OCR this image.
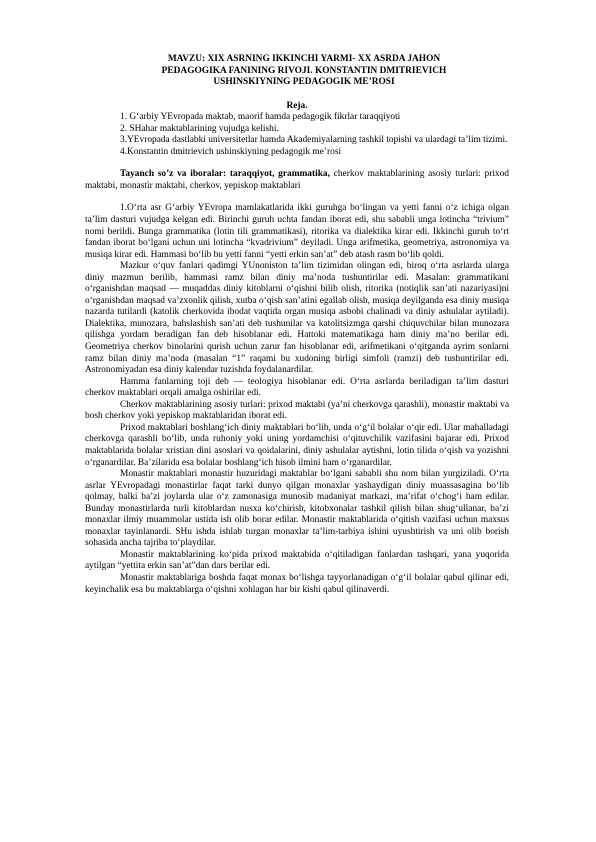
MAVZU: XIX ASRNING IKKINCHI YARMI- XX ASRDA JAHON
PEDAGOGIKA FANINING RIVOJI. KONSTANTIN DMITRIEVICH
USHINSKIYNING PEDAGOGIK ME’ROSI

Reja.

1. G‘arbiy YEvropada maktab, maorif hamda pedagogik fikrlar taraqqiyoti

2. SHahar maktablarining vujudga kelishi.

3.YEvropada dastlabki universitetlar hamda Akademiyalarning tashkil topishi va ulardagi ta’lim tizimi.

4.Konstantin dmitrievich ushinskiyning pedagogik me’rosi

Tayanch so’z va iboralar: taraqqiyot, grammatika, cherkov maktablarining asosiy turlari: prixod maktabi, monastir maktabi, cherkov, yepiskop maktablari

1.O‘rta asr G‘arbiy YEvropa mamlakatlarida ikki guruhga bo‘lingan va yetti fanni o‘z ichiga olgan ta’lim dasturi vujudga kelgan edi. Birinchi guruh uchta fandan iborat edi, shu sababli unga lotincha “trivium” nomi berildi. Bunga grammatika (lotin tili grammatikasi), ritorika va dialektika kirar edi. Ikkinchi guruh to‘rt fandan iborat bo‘lgani uchun uni lotincha “kvadrivium” deyiladi. Unga arifmetika, geometriya, astronomiya va musiqa kirar edi. Hammasi bo‘lib bu yetti fanni “yetti erkin san’at” deb atash rasm bo‘lib qoldi.

Mazkur o‘quv fanlari qadimgi YUnoniston ta’lim tizimidan olingan edi, biroq o‘rta asrlarda ularga diniy mazmun berilib, hammasi ramz bilan diniy ma’noda tushuntirilar edi. Masalan: grammatikani o‘rganishdan maqsad — muqaddas diniy kitoblarni o‘qishni bilib olish, ritorika (notiqlik san’ati nazariyasi)ni o‘rganishdan maqsad va’zxonlik qilish, xutba o‘qish san’atini egallab olish, musiqa deyilganda esa diniy musiqa nazarda tutilardi (katolik cherkovida ibodat vaqtida organ musiqa asbobi chalinadi va diniy ashulalar aytiladi). Dialektika, munozara, bahslashish san’ati deb tushunilar va katolitsizmga qarshi chiquvchilar bilan munozara qilishga yordam beradigan fan deb hisoblanar edi. Hattoki matematikaga ham diniy ma’no berilar edi. Geometriya cherkov binolarini qurish uchun zarur fan hisoblanar edi, arifmetikani o‘qitganda ayrim sonlarni ramz bilan diniy ma’noda (masalan “1” raqami bu xudoning birligi simfoli (ramzi) deb tushuntirilar edi. Astronomiyadan esa diniy kalendar tuzishda foydalanardilar.

Hamma fanlarning toji deb — teologiya hisoblanar edi. O‘rta asrlarda beriladigan ta’lim dasturi cherkov maktablari orqali amalga oshirilar edi.

Cherkov maktablarining asosiy turlari: prixod maktabi (ya’ni cherkovga qarashli), monastir maktabi va bosh cherkov yoki yepiskop maktablaridan iborat edi.

Prixod maktablari boshlang‘ich diniy maktablari bo‘lib, unda o‘g‘il bolalar o‘qir edi. Ular mahalladagi cherkovga qarashli bo‘lib, unda ruhoniy yoki uning yordamchisi o‘qituvchilik vazifasini bajarar edi. Prixod maktablarida bolalar xristian dini asoslari va qoidalarini, diniy ashulalar aytishni, lotin tilida o‘qish va yozishni o‘rganardilar. Ba’zilarida esa bolalar boshlang‘ich hisob ilmini ham o‘rganardilar.

Monastir maktablari monastir huzuridagi maktablar bo‘lgani sababli shu nom bilan yurgiziladi. O‘rta asrlar YEvropadagi monastirlar faqat tarki dunyo qilgan monaxlar yashaydigan diniy muassasagina bo‘lib qolmay, balki ba’zi joylarda ular o‘z zamonasiga munosib madaniyat markazi, ma’rifat o‘chog‘i ham edilar. Bunday monastirlarda turli kitoblardan nusxa ko‘chirish, kitobxonalar tashkil qilish bilan shug‘ullanar, ba’zi monaxlar ilmiy muammolar ustida ish olib borar edilar. Monastir maktablarida o‘qitish vazifasi uchun maxsus monaxlar tayinlanardi. SHu ishda ishlab turgan monaxlar ta’lim-tarbiya ishini uyushtirish va uni olib borish sohasida ancha tajriba to‘playdilar.

Monastir maktablarining ko‘pida prixod maktabida o‘qitiladigan fanlardan tashqari, yana yuqorida aytilgan “yettita erkin san’at”dan dars berilar edi.

Monastir maktablariga boshda faqat monax bo‘lishga tayyorlanadigan o‘g‘il bolalar qabul qilinar edi, keyinchalik esa bu maktablarga o‘qishni xohlagan har bir kishi qabul qilinaverdi.
